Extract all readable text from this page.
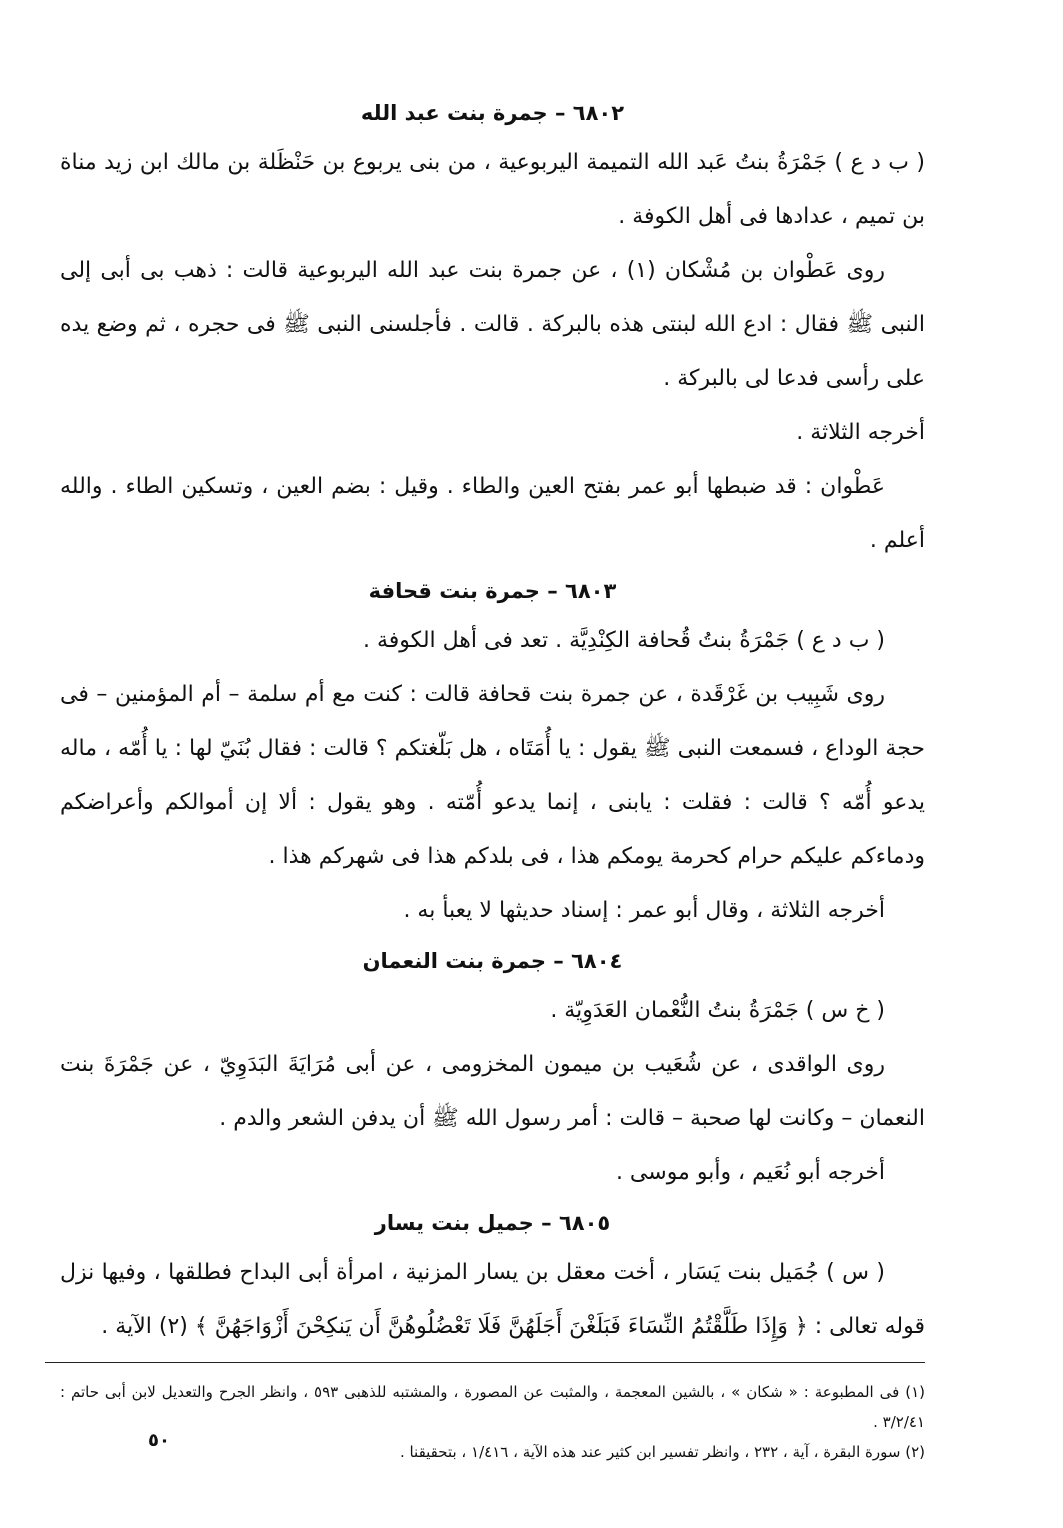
٦٨٠٢ – جمرة بنت عبد الله

( ب د ع ) جَمْرَةُ بنتُ عَبد الله التميمة اليربوعية ، من بنى يربوع بن حَنْظَلة بن مالك ابن زيد مناة بن تميم ، عدادها فى أهل الكوفة .

روى عَطْوان بن مُشْكان (١) ، عن جمرة بنت عبد الله اليربوعية قالت : ذهب بى أبى إلى النبى ﷺ فقال : ادع الله لبنتى هذه بالبركة . قالت . فأجلسنى النبى ﷺ فى حجره ، ثم وضع يده على رأسى فدعا لى بالبركة .

أخرجه الثلاثة .

عَطْوان : قد ضبطها أبو عمر بفتح العين والطاء . وقيل : بضم العين ، وتسكين الطاء . والله أعلم .

٦٨٠٣ – جمرة بنت قحافة

( ب د ع ) جَمْرَةُ بنتُ قُحافة الكِنْدِيَّة . تعد فى أهل الكوفة .

روى شَبِيب بن غَرْقَدة ، عن جمرة بنت قحافة قالت : كنت مع أم سلمة – أم المؤمنين – فى حجة الوداع ، فسمعت النبى ﷺ يقول : يا أُمَتَاه ، هل بَلّغتكم ؟ قالت : فقال بُنَيّ لها : يا أُمّه ، ماله يدعو أُمّه ؟ قالت : فقلت : يابنى ، إنما يدعو أُمّته . وهو يقول : ألا إن أموالكم وأعراضكم ودماءكم عليكم حرام كحرمة يومكم هذا ، فى بلدكم هذا فى شهركم هذا .

أخرجه الثلاثة ، وقال أبو عمر : إسناد حديثها لا يعبأ به .

٦٨٠٤ – جمرة بنت النعمان

( خ س ) جَمْرَةُ بنتُ النُّعْمان العَدَوِيّة .

روى الواقدى ، عن شُعَيب بن ميمون المخزومى ، عن أبى مُرَايَةَ البَدَوِيّ ، عن جَمْرَةَ بنت النعمان – وكانت لها صحبة – قالت : أمر رسول الله ﷺ أن يدفن الشعر والدم .

أخرجه أبو نُعَيم ، وأبو موسى .

٦٨٠٥ – جميل بنت يسار

( س ) جُمَيل بنت يَسَار ، أخت معقل بن يسار المزنية ، امرأة أبى البداح فطلقها ، وفيها نزل قوله تعالى : ﴿ وَإِذَا طَلَّقْتُمُ النِّسَاءَ فَبَلَغْنَ أَجَلَهُنَّ فَلَا تَعْضُلُوهُنَّ أَن يَنكِحْنَ أَزْوَاجَهُنَّ ﴾ (٢) الآية .

(١) فى المطبوعة : « شكان » ، بالشين المعجمة ، والمثبت عن المصورة ، والمشتبه للذهبى ٥٩٣ ، وانظر الجرح والتعديل لابن أبى حاتم : ٣/٢/٤١ .

(٢) سورة البقرة ، آية ، ٢٣٢ ، وانظر تفسير ابن كثير عند هذه الآية ، ١/٤١٦ ، بتحقيقنا .

٥٠
